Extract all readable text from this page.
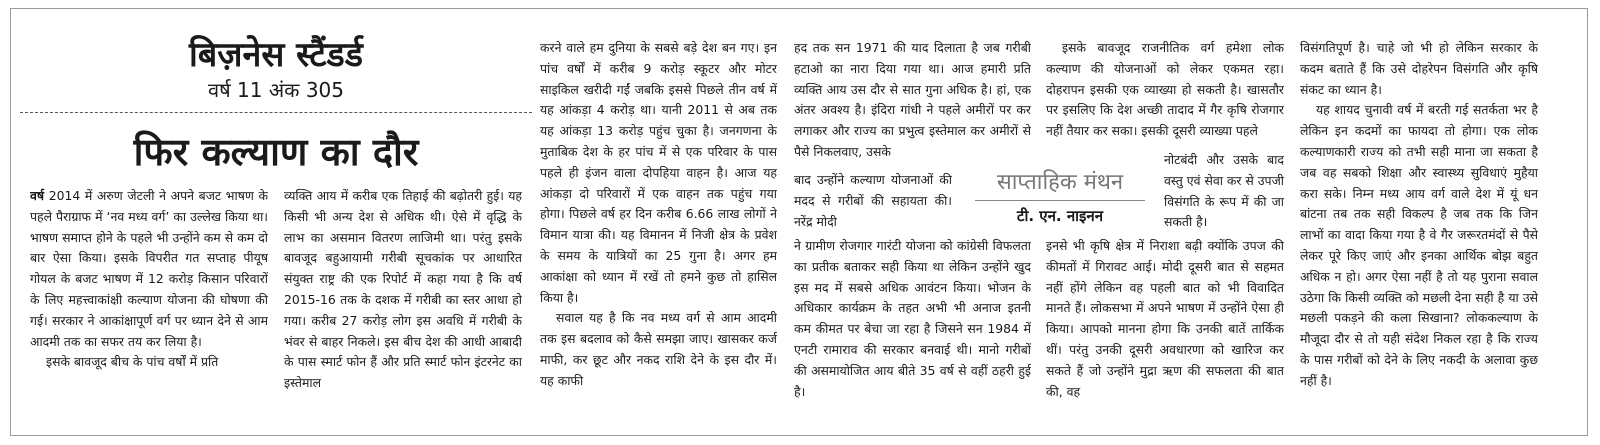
बिज़नेस स्टैंडर्ड
वर्ष 11 अंक 305
फिर कल्याण का दौर

वर्ष 2014 में अरुण जेटली ने अपने बजट भाषण के पहले पैराग्राफ में ‘नव मध्य वर्ग’ का उल्लेख किया था। भाषण समाप्त होने के पहले भी उन्होंने कम से कम दो बार ऐसा किया। इसके विपरीत गत सप्ताह पीयूष गोयल के बजट भाषण में 12 करोड़ किसान परिवारों के लिए महत्त्वाकांक्षी कल्याण योजना की घोषणा की गई। सरकार ने आकांक्षापूर्ण वर्ग पर ध्यान देने से आम आदमी तक का सफर तय कर लिया है।

इसके बावजूद बीच के पांच वर्षों में प्रति

व्यक्ति आय में करीब एक तिहाई की बढ़ोतरी हुई। यह किसी भी अन्य देश से अधिक थी। ऐसे में वृद्धि के लाभ का असमान वितरण लाजिमी था। परंतु इसके बावजूद बहुआयामी गरीबी सूचकांक पर आधारित संयुक्त राष्ट्र की एक रिपोर्ट में कहा गया है कि वर्ष 2015-16 तक के दशक में गरीबी का स्तर आधा हो गया। करीब 27 करोड़ लोग इस अवधि में गरीबी के भंवर से बाहर निकले। इस बीच देश की आधी आबादी के पास स्मार्ट फोन हैं और प्रति स्मार्ट फोन इंटरनेट का इस्तेमाल

करने वाले हम दुनिया के सबसे बड़े देश बन गए। इन पांच वर्षों में करीब 9 करोड़ स्कूटर और मोटर साइकिल खरीदी गईं जबकि इससे पिछले तीन वर्ष में यह आंकड़ा 4 करोड़ था। यानी 2011 से अब तक यह आंकड़ा 13 करोड़ पहुंच चुका है। जनगणना के मुताबिक देश के हर पांच में से एक परिवार के पास पहले ही इंजन वाला दोपहिया वाहन है। आज यह आंकड़ा दो परिवारों में एक वाहन तक पहुंच गया होगा। पिछले वर्ष हर दिन करीब 6.66 लाख लोगों ने विमान यात्रा की। यह विमानन में निजी क्षेत्र के प्रवेश के समय के यात्रियों का 25 गुना है। अगर हम आकांक्षा को ध्यान में रखें तो हमने कुछ तो हासिल किया है।

सवाल यह है कि नव मध्य वर्ग से आम आदमी तक इस बदलाव को कैसे समझा जाए। खासकर कर्ज माफी, कर छूट और नकद राशि देने के इस दौर में। यह काफी

हद तक सन 1971 की याद दिलाता है जब गरीबी हटाओ का नारा दिया गया था। आज हमारी प्रति व्यक्ति आय उस दौर से सात गुना अधिक है। हां, एक अंतर अवश्य है। इंदिरा गांधी ने पहले अमीरों पर कर लगाकर और राज्य का प्रभुत्व इस्तेमाल कर अमीरों से पैसे निकलवाए, उसके

बाद उन्होंने कल्याण योजनाओं की मदद से गरीबों की सहायता की। नरेंद्र मोदी

इसके बावजूद राजनीतिक वर्ग हमेशा लोक कल्याण की योजनाओं को लेकर एकमत रहा। दोहरापन इसकी एक व्याख्या हो सकती है। खासतौर पर इसलिए कि देश अच्छी तादाद में गैर कृषि रोजगार नहीं तैयार कर सका। इसकी दूसरी व्याख्या पहले

नोटबंदी और उसके बाद वस्तु एवं सेवा कर से उपजी विसंगति के रूप में की जा सकती है।

साप्ताहिक मंथन
टी. एन. नाइनन

ने ग्रामीण रोजगार गारंटी योजना को कांग्रेसी विफलता का प्रतीक बताकर सही किया था लेकिन उन्होंने खुद इस मद में सबसे अधिक आवंटन किया। भोजन के अधिकार कार्यक्रम के तहत अभी भी अनाज इतनी कम कीमत पर बेचा जा रहा है जिसने सन 1984 में एनटी रामाराव की सरकार बनवाई थी। मानो गरीबों की असमायोजित आय बीते 35 वर्ष से वहीं ठहरी हुई है।

इनसे भी कृषि क्षेत्र में निराशा बढ़ी क्योंकि उपज की कीमतों में गिरावट आई। मोदी दूसरी बात से सहमत नहीं होंगे लेकिन वह पहली बात को भी विवादित मानते हैं। लोकसभा में अपने भाषण में उन्होंने ऐसा ही किया। आपको मानना होगा कि उनकी बातें तार्किक थीं। परंतु उनकी दूसरी अवधारणा को खारिज कर सकते हैं जो उन्होंने मुद्रा ऋण की सफलता की बात की, वह

विसंगतिपूर्ण है। चाहे जो भी हो लेकिन सरकार के कदम बताते हैं कि उसे दोहरेपन विसंगति और कृषि संकट का ध्यान है।

यह शायद चुनावी वर्ष में बरती गई सतर्कता भर है लेकिन इन कदमों का फायदा तो होगा। एक लोक कल्याणकारी राज्य को तभी सही माना जा सकता है जब वह सबको शिक्षा और स्वास्थ्य सुविधाएं मुहैया करा सके। निम्न मध्य आय वर्ग वाले देश में यूं धन बांटना तब तक सही विकल्प है जब तक कि जिन लाभों का वादा किया गया है वे गैर जरूरतमंदों से पैसे लेकर पूरे किए जाएं और इनका आर्थिक बोझ बहुत अधिक न हो। अगर ऐसा नहीं है तो यह पुराना सवाल उठेगा कि किसी व्यक्ति को मछली देना सही है या उसे मछली पकड़ने की कला सिखाना? लोककल्याण के मौजूदा दौर से तो यही संदेश निकल रहा है कि राज्य के पास गरीबों को देने के लिए नकदी के अलावा कुछ नहीं है।
